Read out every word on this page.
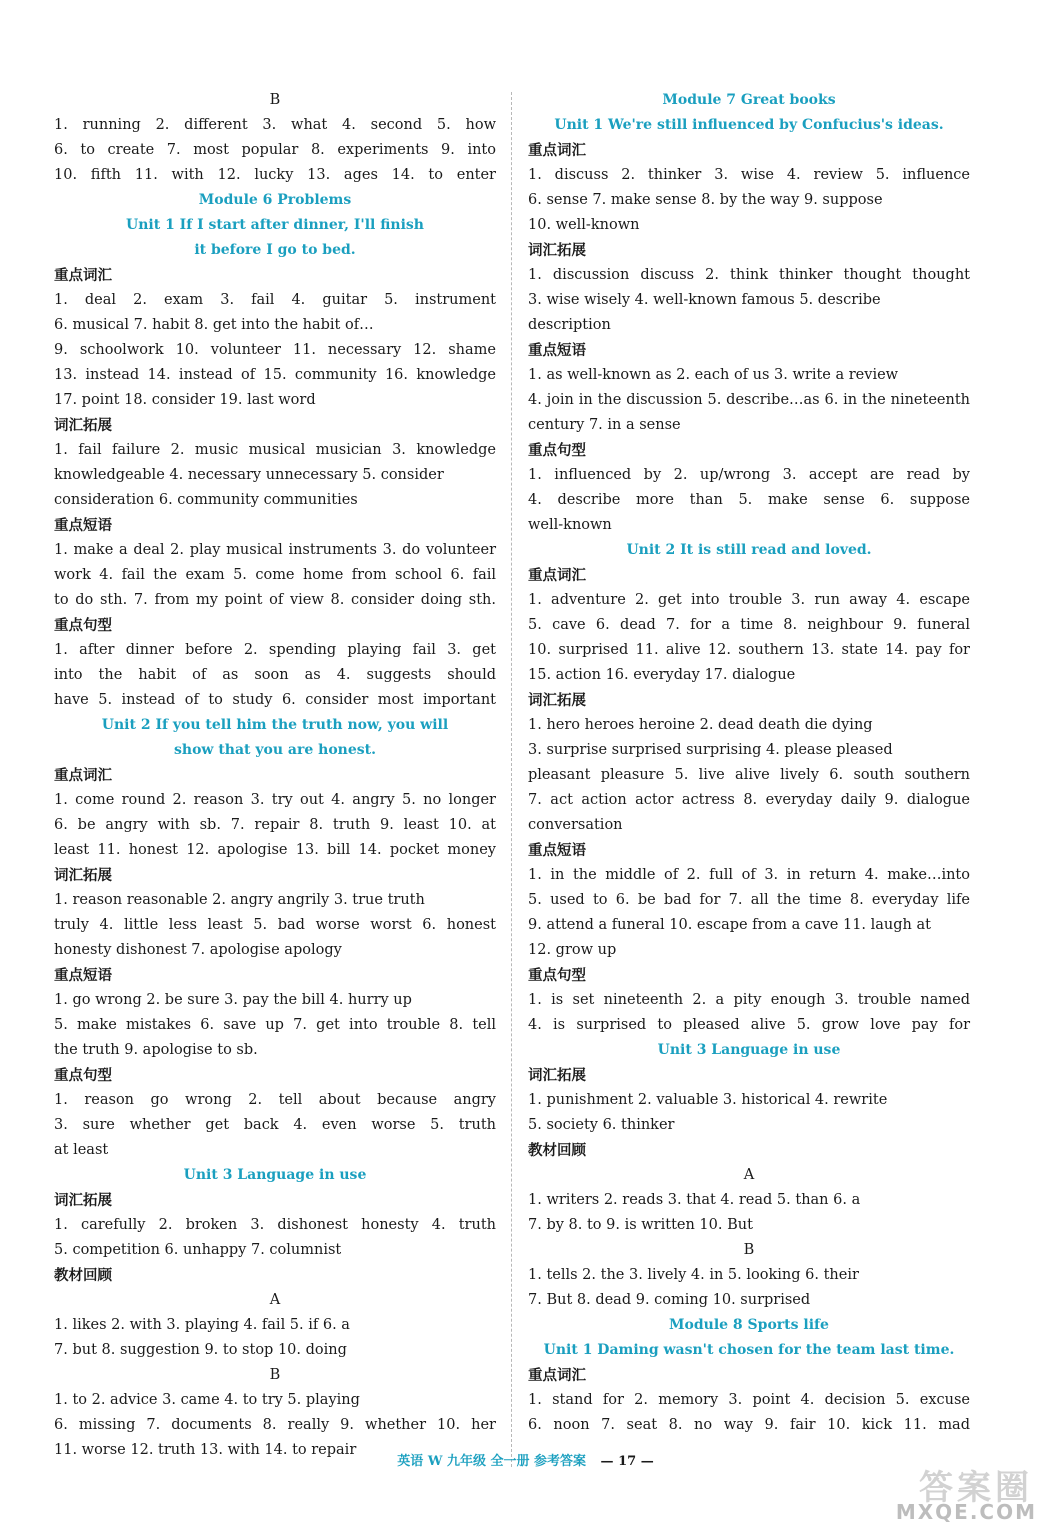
B
1. running 2. different 3. what 4. second 5. how
6. to create 7. most popular 8. experiments 9. into
10. fifth 11. with 12. lucky 13. ages 14. to enter
Module 6 Problems
Unit 1 If I start after dinner, I'll finish
it before I go to bed.
重点词汇
1. deal 2. exam 3. fail 4. guitar 5. instrument
6. musical 7. habit 8. get into the habit of…
9. schoolwork 10. volunteer 11. necessary 12. shame
13. instead 14. instead of 15. community 16. knowledge
17. point 18. consider 19. last word
词汇拓展
1. fail failure 2. music musical musician 3. knowledge
knowledgeable 4. necessary unnecessary 5. consider
consideration 6. community communities
重点短语
1. make a deal 2. play musical instruments 3. do volunteer
work 4. fail the exam 5. come home from school 6. fail
to do sth. 7. from my point of view 8. consider doing sth.
重点句型
1. after dinner before 2. spending playing fail 3. get
into the habit of as soon as 4. suggests should
have 5. instead of to study 6. consider most important
Unit 2 If you tell him the truth now, you will
show that you are honest.
重点词汇
1. come round 2. reason 3. try out 4. angry 5. no longer
6. be angry with sb. 7. repair 8. truth 9. least 10. at
least 11. honest 12. apologise 13. bill 14. pocket money
词汇拓展
1. reason reasonable 2. angry angrily 3. true truth
truly 4. little less least 5. bad worse worst 6. honest
honesty dishonest 7. apologise apology
重点短语
1. go wrong 2. be sure 3. pay the bill 4. hurry up
5. make mistakes 6. save up 7. get into trouble 8. tell
the truth 9. apologise to sb.
重点句型
1. reason go wrong 2. tell about because angry
3. sure whether get back 4. even worse 5. truth
at least
Unit 3 Language in use
词汇拓展
1. carefully 2. broken 3. dishonest honesty 4. truth
5. competition 6. unhappy 7. columnist
教材回顾
A
1. likes 2. with 3. playing 4. fail 5. if 6. a
7. but 8. suggestion 9. to stop 10. doing
B
1. to 2. advice 3. came 4. to try 5. playing
6. missing 7. documents 8. really 9. whether 10. her
11. worse 12. truth 13. with 14. to repair
Module 7 Great books
Unit 1 We're still influenced by Confucius's ideas.
重点词汇
1. discuss 2. thinker 3. wise 4. review 5. influence
6. sense 7. make sense 8. by the way 9. suppose
10. well-known
词汇拓展
1. discussion discuss 2. think thinker thought thought
3. wise wisely 4. well-known famous 5. describe
description
重点短语
1. as well-known as 2. each of us 3. write a review
4. join in the discussion 5. describe…as 6. in the nineteenth
century 7. in a sense
重点句型
1. influenced by 2. up/wrong 3. accept are read by
4. describe more than 5. make sense 6. suppose
well-known
Unit 2 It is still read and loved.
重点词汇
1. adventure 2. get into trouble 3. run away 4. escape
5. cave 6. dead 7. for a time 8. neighbour 9. funeral
10. surprised 11. alive 12. southern 13. state 14. pay for
15. action 16. everyday 17. dialogue
词汇拓展
1. hero heroes heroine 2. dead death die dying
3. surprise surprised surprising 4. please pleased
pleasant pleasure 5. live alive lively 6. south southern
7. act action actor actress 8. everyday daily 9. dialogue
conversation
重点短语
1. in the middle of 2. full of 3. in return 4. make…into
5. used to 6. be bad for 7. all the time 8. everyday life
9. attend a funeral 10. escape from a cave 11. laugh at
12. grow up
重点句型
1. is set nineteenth 2. a pity enough 3. trouble named
4. is surprised to pleased alive 5. grow love pay for
Unit 3 Language in use
词汇拓展
1. punishment 2. valuable 3. historical 4. rewrite
5. society 6. thinker
教材回顾
A
1. writers 2. reads 3. that 4. read 5. than 6. a
7. by 8. to 9. is written 10. But
B
1. tells 2. the 3. lively 4. in 5. looking 6. their
7. But 8. dead 9. coming 10. surprised
Module 8 Sports life
Unit 1 Daming wasn't chosen for the team last time.
重点词汇
1. stand for 2. memory 3. point 4. decision 5. excuse
6. noon 7. seat 8. no way 9. fair 10. kick 11. mad
英语 W 九年级 全一册 参考答案 — 17 —
答案圈
MXQE.COM
